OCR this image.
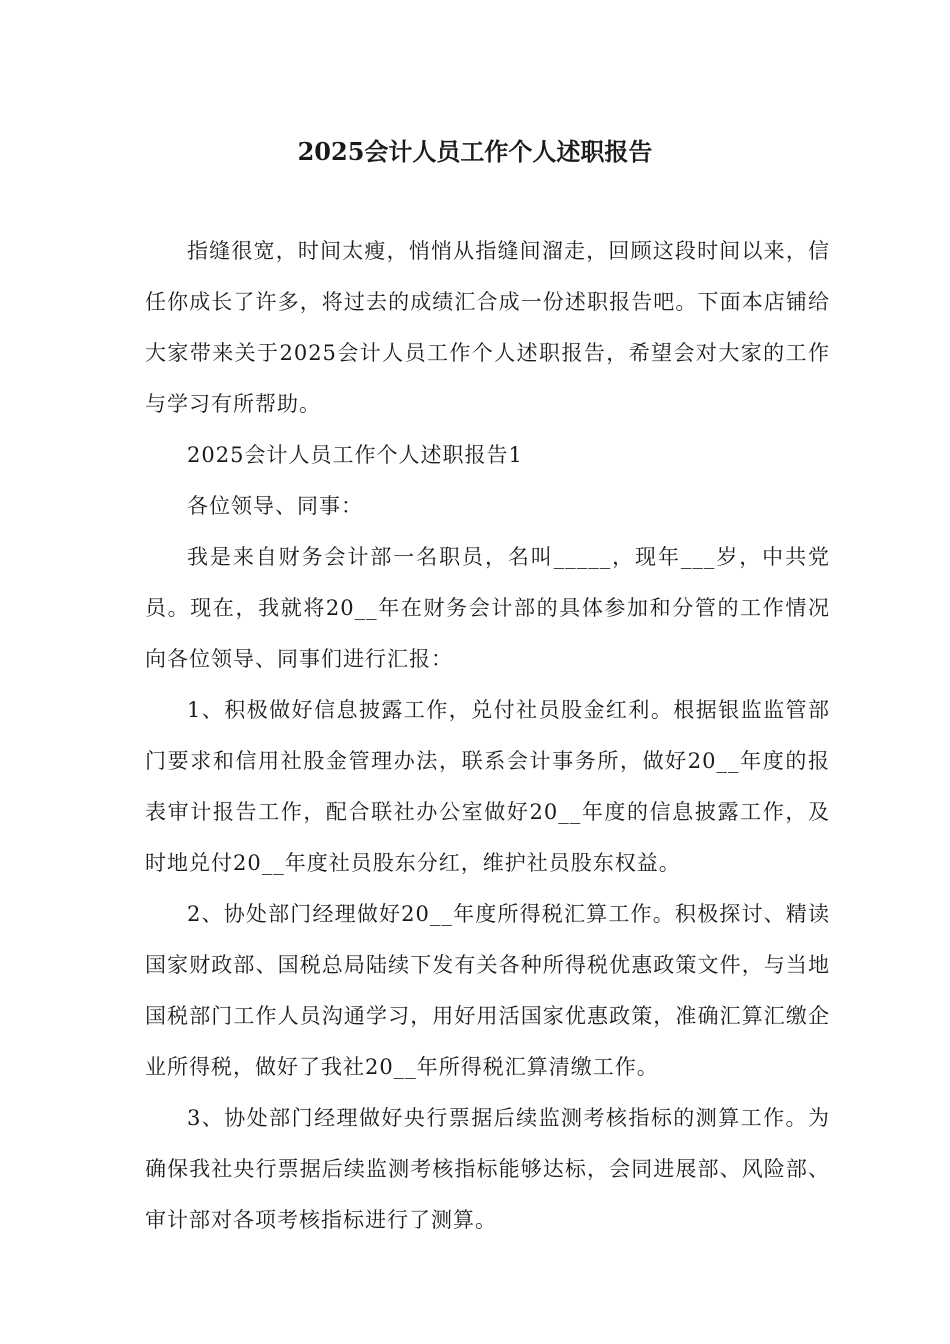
2025会计人员工作个人述职报告

指缝很宽，时间太瘦，悄悄从指缝间溜走，回顾这段时间以来，信任你成长了许多，将过去的成绩汇合成一份述职报告吧。下面本店铺给大家带来关于2025会计人员工作个人述职报告，希望会对大家的工作与学习有所帮助。

2025会计人员工作个人述职报告1

各位领导、同事：

我是来自财务会计部一名职员，名叫_____，现年___岁，中共党员。现在，我就将20__年在财务会计部的具体参加和分管的工作情况向各位领导、同事们进行汇报：

1、积极做好信息披露工作，兑付社员股金红利。根据银监监管部门要求和信用社股金管理办法，联系会计事务所，做好20__年度的报表审计报告工作，配合联社办公室做好20__年度的信息披露工作，及时地兑付20__年度社员股东分红，维护社员股东权益。

2、协处部门经理做好20__年度所得税汇算工作。积极探讨、精读国家财政部、国税总局陆续下发有关各种所得税优惠政策文件，与当地国税部门工作人员沟通学习，用好用活国家优惠政策，准确汇算汇缴企业所得税，做好了我社20__年所得税汇算清缴工作。

3、协处部门经理做好央行票据后续监测考核指标的测算工作。为确保我社央行票据后续监测考核指标能够达标，会同进展部、风险部、审计部对各项考核指标进行了测算。
